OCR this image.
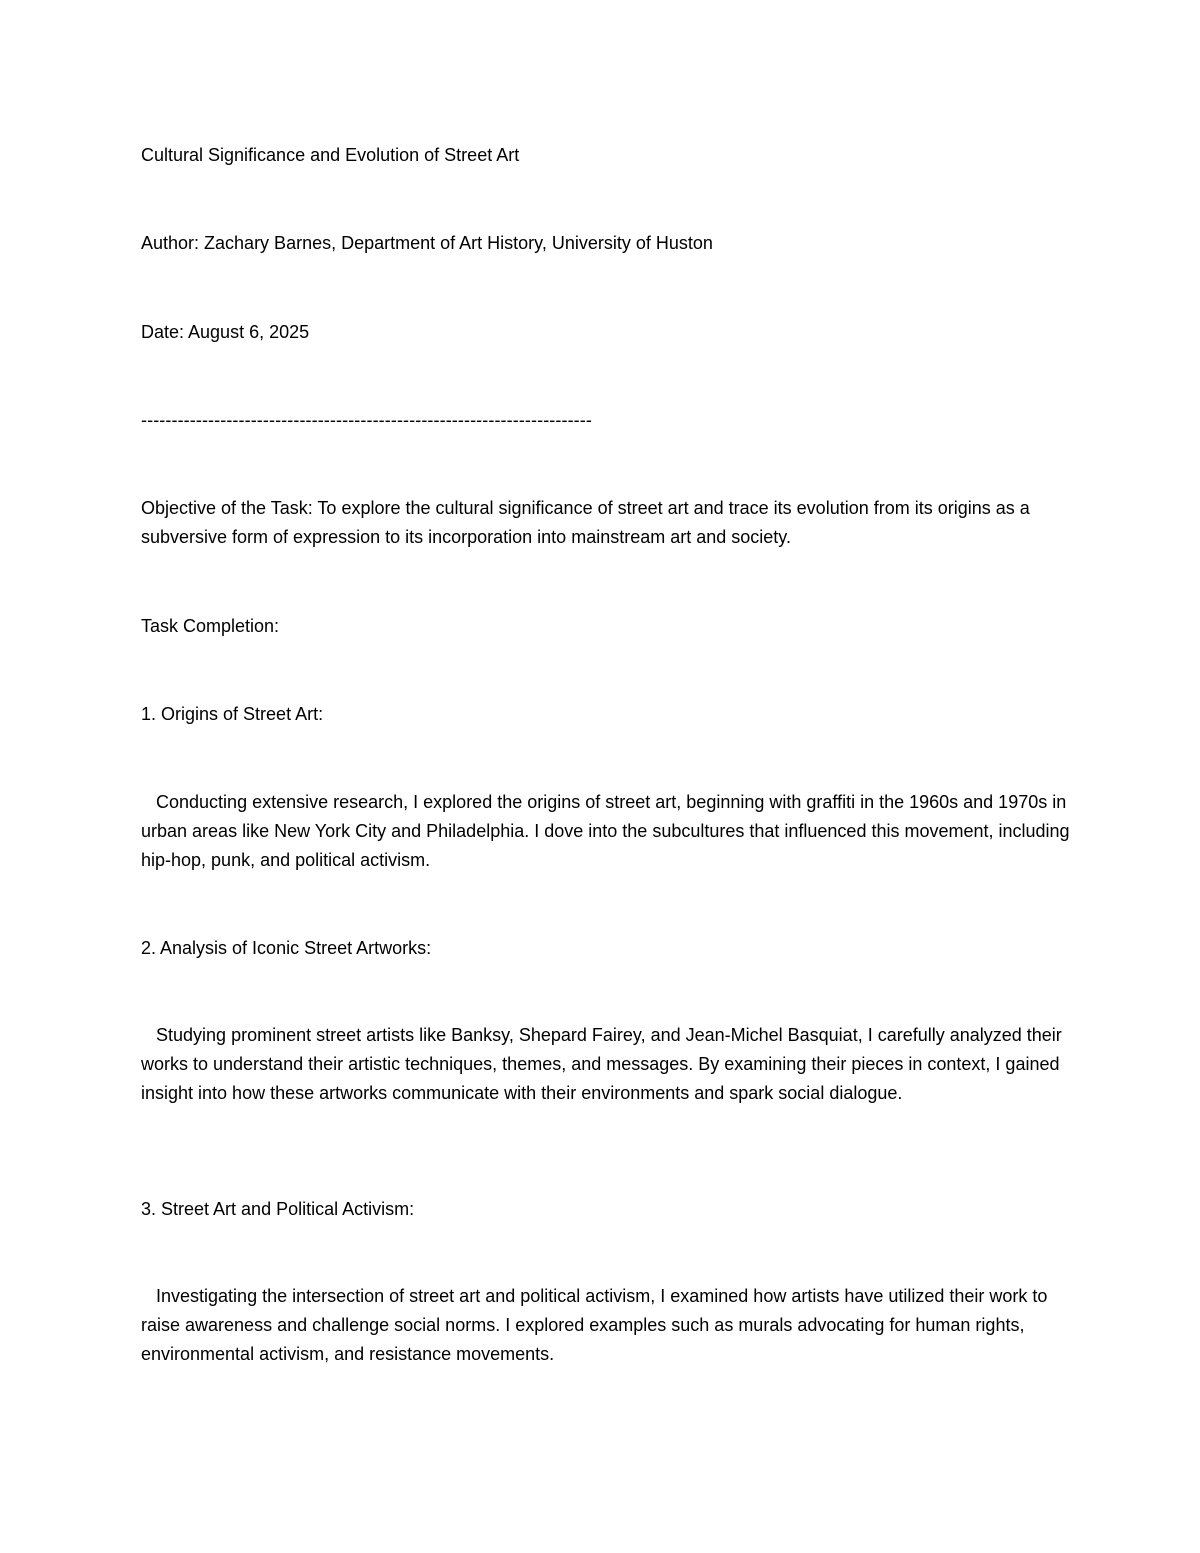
Cultural Significance and Evolution of Street Art

Author: Zachary Barnes, Department of Art History, University of Huston

Date: August 6, 2025

--------------------------------------------------------------------------

Objective of the Task: To explore the cultural significance of street art and trace its evolution from its origins as a subversive form of expression to its incorporation into mainstream art and society.

Task Completion:

1. Origins of Street Art:

Conducting extensive research, I explored the origins of street art, beginning with graffiti in the 1960s and 1970s in urban areas like New York City and Philadelphia. I dove into the subcultures that influenced this movement, including hip-hop, punk, and political activism.

2. Analysis of Iconic Street Artworks:

Studying prominent street artists like Banksy, Shepard Fairey, and Jean-Michel Basquiat, I carefully analyzed their works to understand their artistic techniques, themes, and messages. By examining their pieces in context, I gained insight into how these artworks communicate with their environments and spark social dialogue.

3. Street Art and Political Activism:

Investigating the intersection of street art and political activism, I examined how artists have utilized their work to raise awareness and challenge social norms. I explored examples such as murals advocating for human rights, environmental activism, and resistance movements.
